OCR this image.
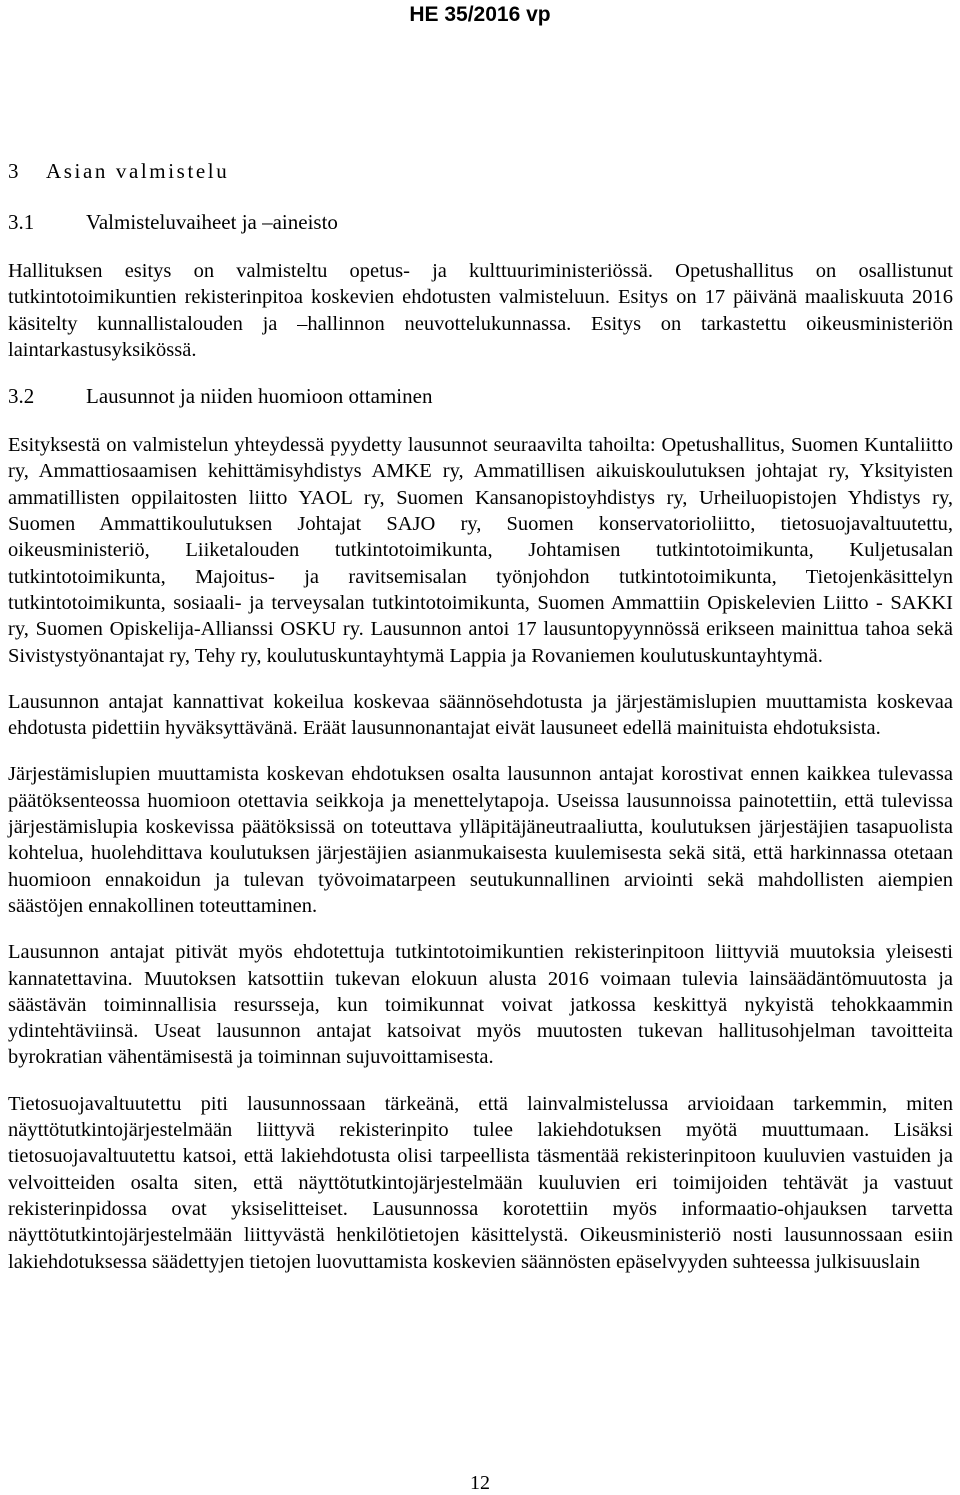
HE 35/2016 vp
3 Asian valmistelu
3.1 Valmisteluvaiheet ja –aineisto

Hallituksen esitys on valmisteltu opetus- ja kulttuuriministeriössä. Opetushallitus on osallistunut tutkintotoimikuntien rekisterinpitoa koskevien ehdotusten valmisteluun. Esitys on 17 päivänä maaliskuuta 2016 käsitelty kunnallistalouden ja –hallinnon neuvottelukunnassa. Esitys on tarkastettu oikeusministeriön laintarkastusyksikössä.

3.2 Lausunnot ja niiden huomioon ottaminen

Esityksestä on valmistelun yhteydessä pyydetty lausunnot seuraavilta tahoilta: Opetushallitus, Suomen Kuntaliitto ry, Ammattiosaamisen kehittämisyhdistys AMKE ry, Ammatillisen aikuiskoulutuksen johtajat ry, Yksityisten ammatillisten oppilaitosten liitto YAOL ry, Suomen Kansanopistoyhdistys ry, Urheiluopistojen Yhdistys ry, Suomen Ammattikoulutuksen Johtajat SAJO ry, Suomen konservatorioliitto, tietosuojavaltuutettu, oikeusministeriö, Liiketalouden tutkintotoimikunta, Johtamisen tutkintotoimikunta, Kuljetusalan tutkintotoimikunta, Majoitus- ja ravitsemisalan työnjohdon tutkintotoimikunta, Tietojenkäsittelyn tutkintotoimikunta, sosiaali- ja terveysalan tutkintotoimikunta, Suomen Ammattiin Opiskelevien Liitto - SAKKI ry, Suomen Opiskelija-Allianssi OSKU ry. Lausunnon antoi 17 lausuntopyynnössä erikseen mainittua tahoa sekä Sivistystyönantajat ry, Tehy ry, koulutuskuntayhtymä Lappia ja Rovaniemen koulutuskuntayhtymä.

Lausunnon antajat kannattivat kokeilua koskevaa säännösehdotusta ja järjestämislupien muuttamista koskevaa ehdotusta pidettiin hyväksyttävänä. Eräät lausunnonantajat eivät lausuneet edellä mainituista ehdotuksista.

Järjestämislupien muuttamista koskevan ehdotuksen osalta lausunnon antajat korostivat ennen kaikkea tulevassa päätöksenteossa huomioon otettavia seikkoja ja menettelytapoja. Useissa lausunnoissa painotettiin, että tulevissa järjestämislupia koskevissa päätöksissä on toteuttava ylläpitäjäneutraaliutta, koulutuksen järjestäjien tasapuolista kohtelua, huolehdittava koulutuksen järjestäjien asianmukaisesta kuulemisesta sekä sitä, että harkinnassa otetaan huomioon ennakoidun ja tulevan työvoimatarpeen seutukunnallinen arviointi sekä mahdollisten aiempien säästöjen ennakollinen toteuttaminen.

Lausunnon antajat pitivät myös ehdotettuja tutkintotoimikuntien rekisterinpitoon liittyviä muutoksia yleisesti kannatettavina. Muutoksen katsottiin tukevan elokuun alusta 2016 voimaan tulevia lainsäädäntömuutosta ja säästävän toiminnallisia resursseja, kun toimikunnat voivat jatkossa keskittyä nykyistä tehokkaammin ydintehtäviinsä. Useat lausunnon antajat katsoivat myös muutosten tukevan hallitusohjelman tavoitteita byrokratian vähentämisestä ja toiminnan sujuvoittamisesta.

Tietosuojavaltuutettu piti lausunnossaan tärkeänä, että lainvalmistelussa arvioidaan tarkemmin, miten näyttötutkintojärjestelmään liittyvä rekisterinpito tulee lakiehdotuksen myötä muuttumaan. Lisäksi tietosuojavaltuutettu katsoi, että lakiehdotusta olisi tarpeellista täsmentää rekisterinpitoon kuuluvien vastuiden ja velvoitteiden osalta siten, että näyttötutkintojärjestelmään kuuluvien eri toimijoiden tehtävät ja vastuut rekisterinpidossa ovat yksiselitteiset. Lausunnossa korotettiin myös informaatio-ohjauksen tarvetta näyttötutkintojärjestelmään liittyvästä henkilötietojen käsittelystä. Oikeusministeriö nosti lausunnossaan esiin lakiehdotuksessa säädettyjen tietojen luovuttamista koskevien säännösten epäselvyyden suhteessa julkisuuslain

12
